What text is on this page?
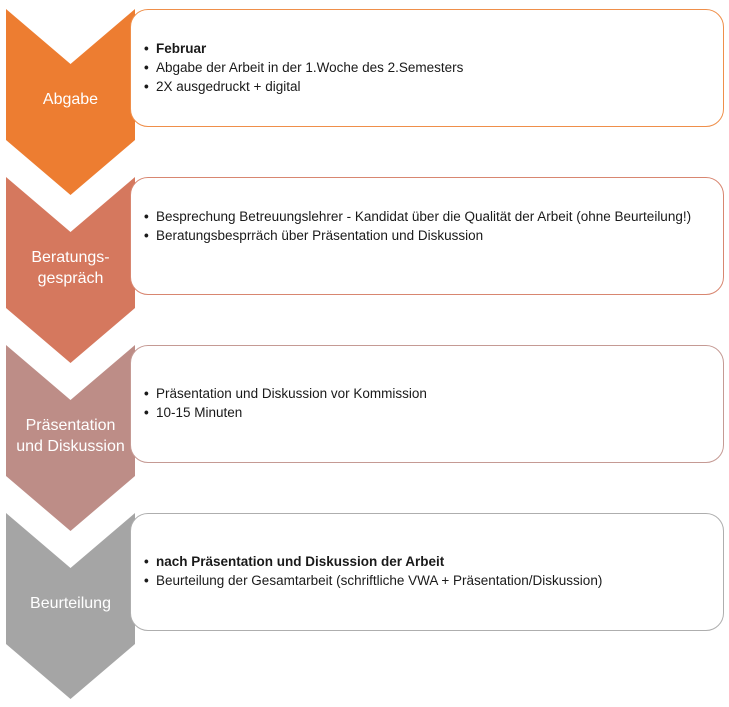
Abgabe
• Februar
• Abgabe der Arbeit in der 1.Woche des 2.Semesters
• 2X ausgedruckt + digital
Beratungs-
gespräch
• Besprechung Betreuungslehrer - Kandidat über die Qualität der Arbeit (ohne Beurteilung!)
• Beratungsbesprräch über Präsentation und Diskussion
Präsentation
und Diskussion
• Präsentation und Diskussion vor Kommission
• 10-15 Minuten
Beurteilung
• nach Präsentation und Diskussion der Arbeit
• Beurteilung der Gesamtarbeit (schriftliche VWA + Präsentation/Diskussion)
